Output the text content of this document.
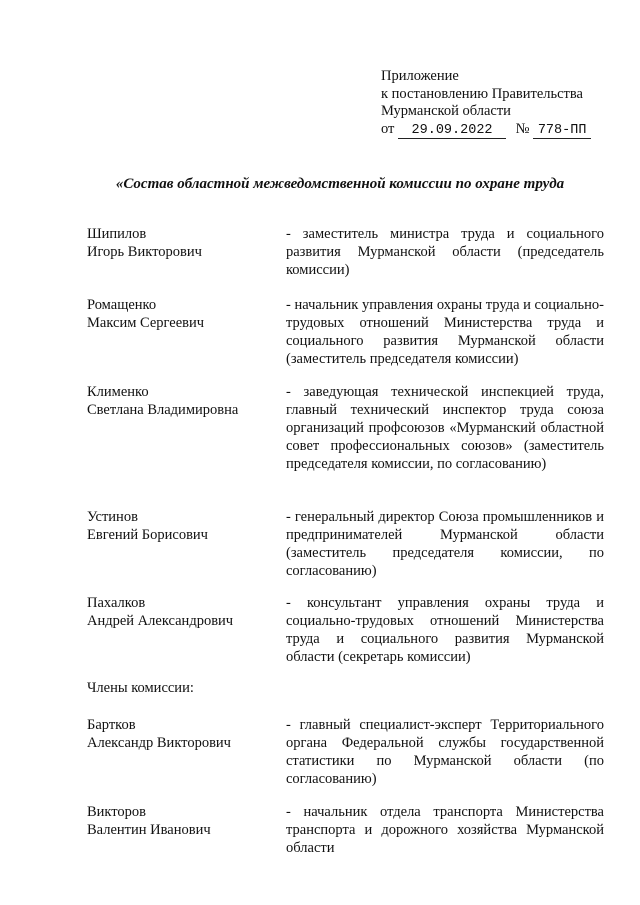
Приложение
к постановлению Правительства
Мурманской области
от 29.09.2022 № 778-ПП
«Состав областной межведомственной комиссии по охране труда
Шипилов
Игорь Викторович
- заместитель министра труда и социального развития Мурманской области (председатель комиссии)
Ромащенко
Максим Сергеевич
- начальник управления охраны труда и социально-трудовых отношений Министерства труда и социального развития Мурманской области (заместитель председателя комиссии)
Клименко
Светлана Владимировна
- заведующая технической инспекцией труда, главный технический инспектор труда союза организаций профсоюзов «Мурманский областной совет профессиональных союзов» (заместитель председателя комиссии, по согласованию)
Устинов
Евгений Борисович
- генеральный директор Союза промышленников и предпринимателей Мурманской области (заместитель председателя комиссии, по согласованию)
Пахалков
Андрей Александрович
- консультант управления охраны труда и социально-трудовых отношений Министерства труда и социального развития Мурманской области (секретарь комиссии)
Члены комиссии:
Бартков
Александр Викторович
- главный специалист-эксперт Территориального органа Федеральной службы государственной статистики по Мурманской области (по согласованию)
Викторов
Валентин Иванович
- начальник отдела транспорта Министерства транспорта и дорожного хозяйства Мурманской области
